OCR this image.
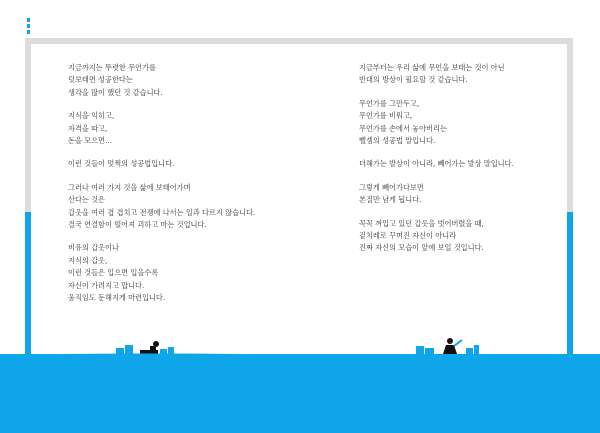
지금까지는 뚜렷한 무언가를
덧보태면 성공한다는
생각을 많이 했던 것 같습니다.

지식을 익히고,
자격을 따고,
돈을 모으면…

이런 것들이 멋쩍의 성공법입니다.

그러나 여러 가지 것을 삶에 보태어가며
산다는 것은
갑옷을 여러 겹 겹치고 전쟁에 나서는 일과 다르지 않습니다.
결국 연결함이 떨어져 괴하고 마는 것입니다.

비유의 갑옷이나
지식의 갑옷,
이런 것들은 입으면 입을수록
자신이 가려지고 맙니다.
움직임도 둔해지게 마련입니다.

지금부터는 우리 삶에 무언을 보태는 것이 아닌
반대의 방상이 필요할 것 같습니다.

무언가를 그만두고,
무언가를 비워고,
무언가를 손에서 놓아버리는
뺄셈의 성공법 말입니다.

더해가는 발상이 아니라, 빼어가는 발상 말입니다.

그렇게 빼어가다보면
본질만 남게 됩니다.

꼭꼭 껴입고 있던 갑옷을 벗어버렸을 때,
겉치레로 꾸며진 자신이 아니라
진짜 자신의 모습이 앞에 보일 것입니다.
